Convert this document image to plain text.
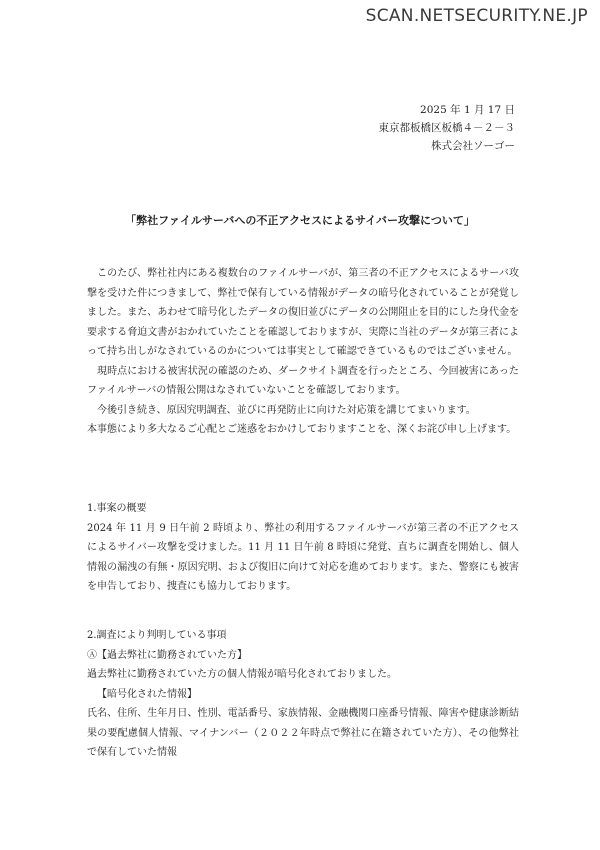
SCAN.NETSECURITY.NE.JP
2025 年 1 月 17 日
東京都板橋区板橋４－２－３
株式会社ソーゴー
「弊社ファイルサーバへの不正アクセスによるサイバー攻撃について」

このたび、弊社社内にある複数台のファイルサーバが、第三者の不正アクセスによるサーバ攻撃を受けた件につきまして、弊社で保有している情報がデータの暗号化されていることが発覚しました。また、あわせて暗号化したデータの復旧並びにデータの公開阻止を目的にした身代金を要求する脅迫文書がおかれていたことを確認しておりますが、実際に当社のデータが第三者によって持ち出しがなされているのかについては事実として確認できているものではございません。

現時点における被害状況の確認のため、ダークサイト調査を行ったところ、今回被害にあったファイルサーバの情報公開はなされていないことを確認しております。

今後引き続き、原因究明調査、並びに再発防止に向けた対応策を講じてまいります。

本事態により多大なるご心配とご迷惑をおかけしておりますことを、深くお詫び申し上げます。

1.事案の概要

2024 年 11 月 9 日午前 2 時頃より、弊社の利用するファイルサーバが第三者の不正アクセスによるサイバー攻撃を受けました。11 月 11 日午前 8 時頃に発覚、直ちに調査を開始し、個人情報の漏洩の有無・原因究明、および復旧に向けて対応を進めております。また、警察にも被害を申告しており、捜査にも協力しております。

2.調査により判明している事項
Ⓐ【過去弊社に勤務されていた方】
過去弊社に勤務されていた方の個人情報が暗号化されておりました。
【暗号化された情報】

氏名、住所、生年月日、性別、電話番号、家族情報、金融機関口座番号情報、障害や健康診断結果の要配慮個人情報、マイナンバー（２０２２年時点で弊社に在籍されていた方）、その他弊社で保有していた情報
